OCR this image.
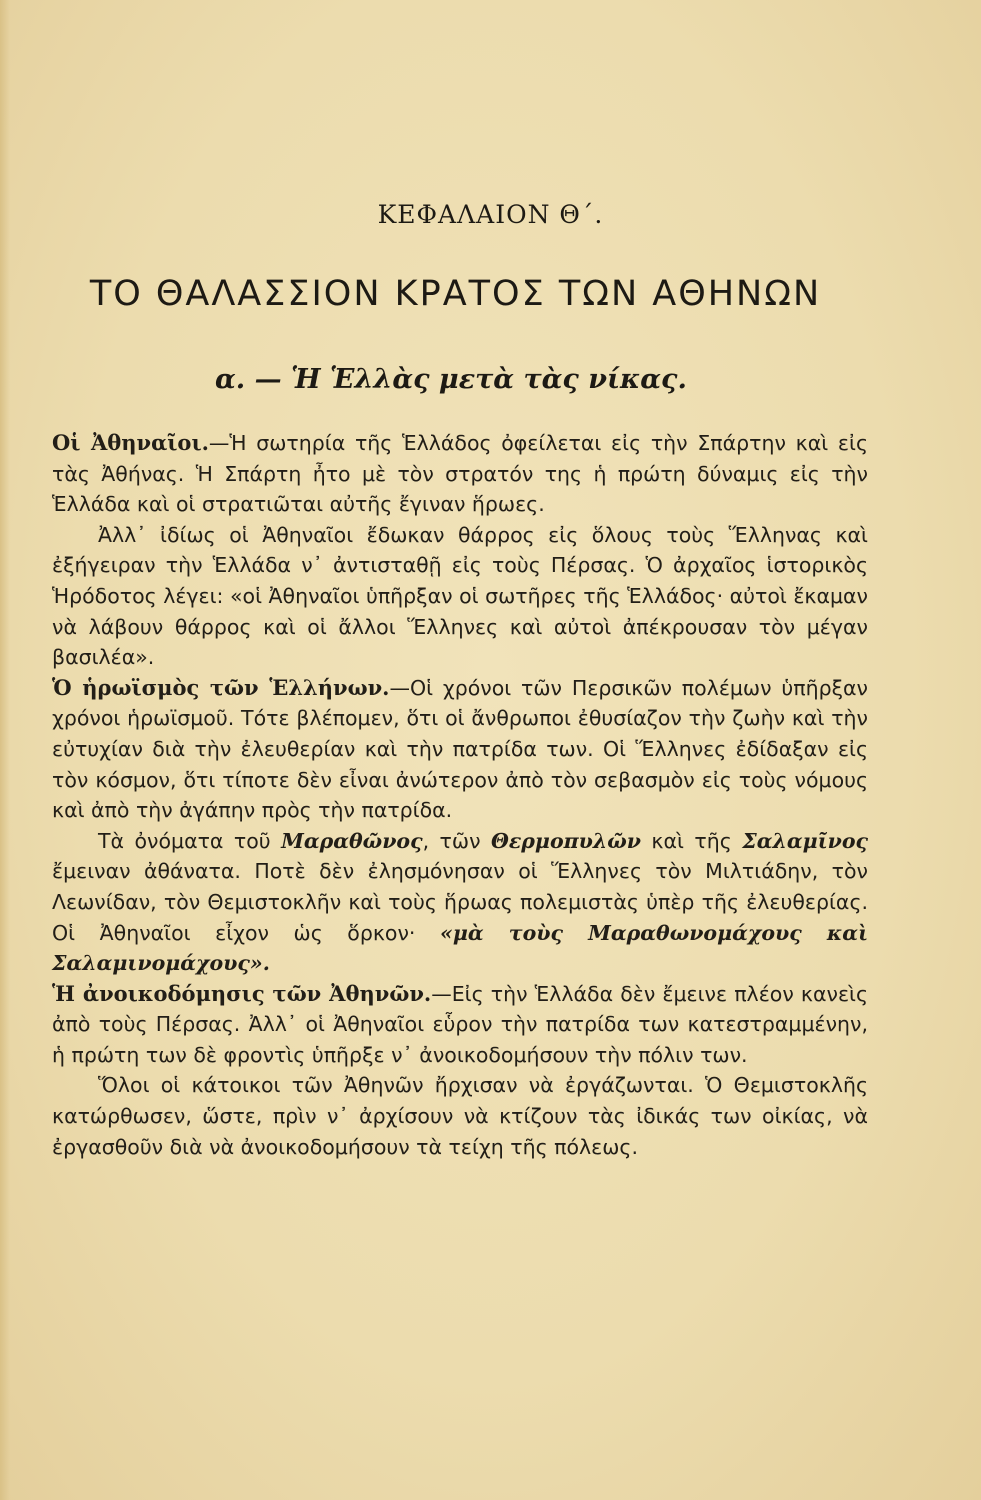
ΚΕΦΑΛΑΙΟΝ Θ΄.
ΤΟ ΘΑΛΑΣΣΙΟΝ ΚΡΑΤΟΣ ΤΩΝ ΑΘΗΝΩΝ
α. — Ἡ Ἑλλὰς μετὰ τὰς νίκας.

Οἱ Ἀθηναῖοι.—Ἡ σωτηρία τῆς Ἑλλάδος ὀφείλεται εἰς τὴν Σπάρτην καὶ εἰς τὰς Ἀθήνας. Ἡ Σπάρτη ἦτο μὲ τὸν στρατόν της ἡ πρώτη δύναμις εἰς τὴν Ἑλλάδα καὶ οἱ στρατιῶται αὐτῆς ἔγιναν ἥρωες.

Ἀλλ᾽ ἰδίως οἱ Ἀθηναῖοι ἔδωκαν θάρρος εἰς ὅλους τοὺς Ἕλληνας καὶ ἐξήγειραν τὴν Ἑλλάδα ν᾽ ἀντισταθῇ εἰς τοὺς Πέρσας. Ὁ ἀρχαῖος ἱστορικὸς Ἡρόδοτος λέγει: «οἱ Ἀθηναῖοι ὑπῆρξαν οἱ σωτῆρες τῆς Ἑλλάδος· αὐτοὶ ἔκαμαν νὰ λάβουν θάρρος καὶ οἱ ἄλλοι Ἕλληνες καὶ αὐτοὶ ἀπέκρουσαν τὸν μέγαν βασιλέα».

Ὁ ἡρωϊσμὸς τῶν Ἑλλήνων.—Οἱ χρόνοι τῶν Περσικῶν πολέμων ὑπῆρξαν χρόνοι ἡρωϊσμοῦ. Τότε βλέπομεν, ὅτι οἱ ἄνθρωποι ἐθυσίαζον τὴν ζωὴν καὶ τὴν εὐτυχίαν διὰ τὴν ἐλευθερίαν καὶ τὴν πατρίδα των. Οἱ Ἕλληνες ἐδίδαξαν εἰς τὸν κόσμον, ὅτι τίποτε δὲν εἶναι ἀνώτερον ἀπὸ τὸν σεβασμὸν εἰς τοὺς νόμους καὶ ἀπὸ τὴν ἀγάπην πρὸς τὴν πατρίδα.

Τὰ ὀνόματα τοῦ Μαραθῶνος, τῶν Θερμοπυλῶν καὶ τῆς Σαλαμῖνος ἔμειναν ἀθάνατα. Ποτὲ δὲν ἐλησμόνησαν οἱ Ἕλληνες τὸν Μιλτιάδην, τὸν Λεωνίδαν, τὸν Θεμιστοκλῆν καὶ τοὺς ἥρωας πολεμιστὰς ὑπὲρ τῆς ἐλευθερίας. Οἱ Ἀθηναῖοι εἶχον ὡς ὅρκον· «μὰ τοὺς Μαραθωνομάχους καὶ Σαλαμινομάχους».

Ἡ ἀνοικοδόμησις τῶν Ἀθηνῶν.—Εἰς τὴν Ἑλλάδα δὲν ἔμεινε πλέον κανεὶς ἀπὸ τοὺς Πέρσας. Ἀλλ᾽ οἱ Ἀθηναῖοι εὗρον τὴν πατρίδα των κατεστραμμένην, ἡ πρώτη των δὲ φροντὶς ὑπῆρξε ν᾽ ἀνοικοδομήσουν τὴν πόλιν των.

Ὅλοι οἱ κάτοικοι τῶν Ἀθηνῶν ἤρχισαν νὰ ἐργάζωνται. Ὁ Θεμιστοκλῆς κατώρθωσεν, ὥστε, πρὶν ν᾽ ἀρχίσουν νὰ κτίζουν τὰς ἰδικάς των οἰκίας, νὰ ἐργασθοῦν διὰ νὰ ἀνοικοδομήσουν τὰ τείχη τῆς πόλεως.
